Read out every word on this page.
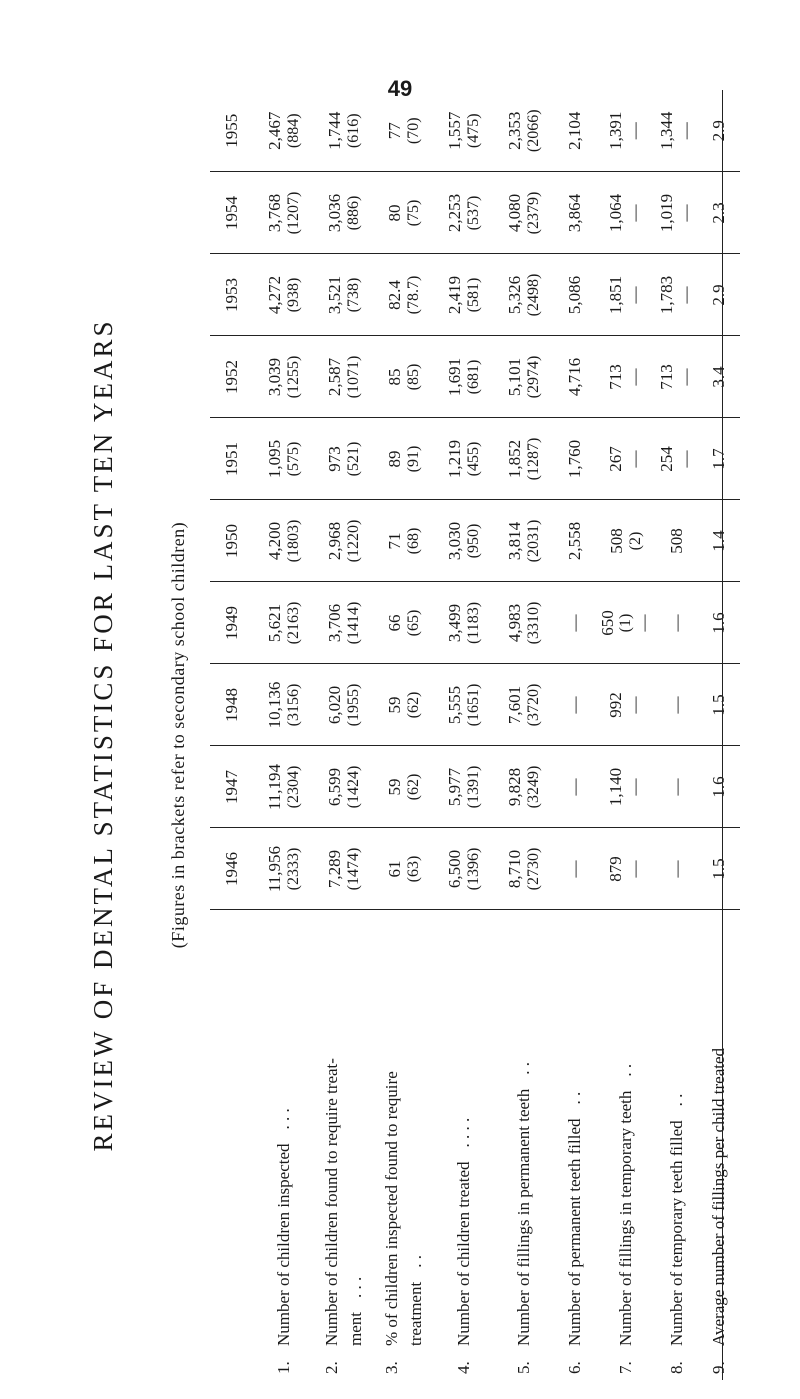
49
REVIEW OF DENTAL STATISTICS FOR LAST TEN YEARS	(Figures in brackets refer to secondary school children)
	1946	1947	1948	1949	1950	1951	1952	1953	1954	1955
1.Number of children inspected. . .	11,956 (2333)	11,194 (2304)	10,136 (3156)	5,621 (2163)	4,200 (1803)	1,095 (575)	3,039 (1255)	4,272 (938)	3,768 (1207)	2,467 (884)

2.Number of children found to require treat- ment. . .	7,289 (1474)	6,599 (1424)	6,020 (1955)	3,706 (1414)	2,968 (1220)	973 (521)	2,587 (1071)	3,521 (738)	3,036 (886)	1,744 (616)

3.% of children inspected found to require treatment. .	61 (63)	59 (62)	59 (62)	66 (65)	71 (68)	89 (91)	85 (85)	82.4 (78.7)	80 (75)	77 (70)

4.Number of children treated. . . .	6,500 (1396)	5,977 (1391)	5,555 (1651)	3,499 (1183)	3,030 (950)	1,219 (455)	1,691 (681)	2,419 (581)	2,253 (537)	1,557 (475)

5.Number of fillings in permanent teeth. .	8,710 (2730)	9,828 (3249)	7,601 (3720)	4,983 (3310)	3,814 (2031)	1,852 (1287)	5,101 (2974)	5,326 (2498)	4,080 (2379)	2,353 (2066)

6.Number of permanent teeth filled. .	—	—	—	—	2,558	1,760	4,716	5,086	3,864	2,104

7.Number of fillings in temporary teeth. .	879 —	1,140 —	992 —	650 (1) —	508 (2)	267 —	713 —	1,851 —	1,064 —	1,391 —

8.Number of temporary teeth filled. .	—	—	—	—	508	254 —	713 —	1,783 —	1,019 —	1,344 —

9.Average number of fillings per child treated	1.5	1.6	1.5	1.6	1.4	1.7	3.4	2.9	2.3	2.9
